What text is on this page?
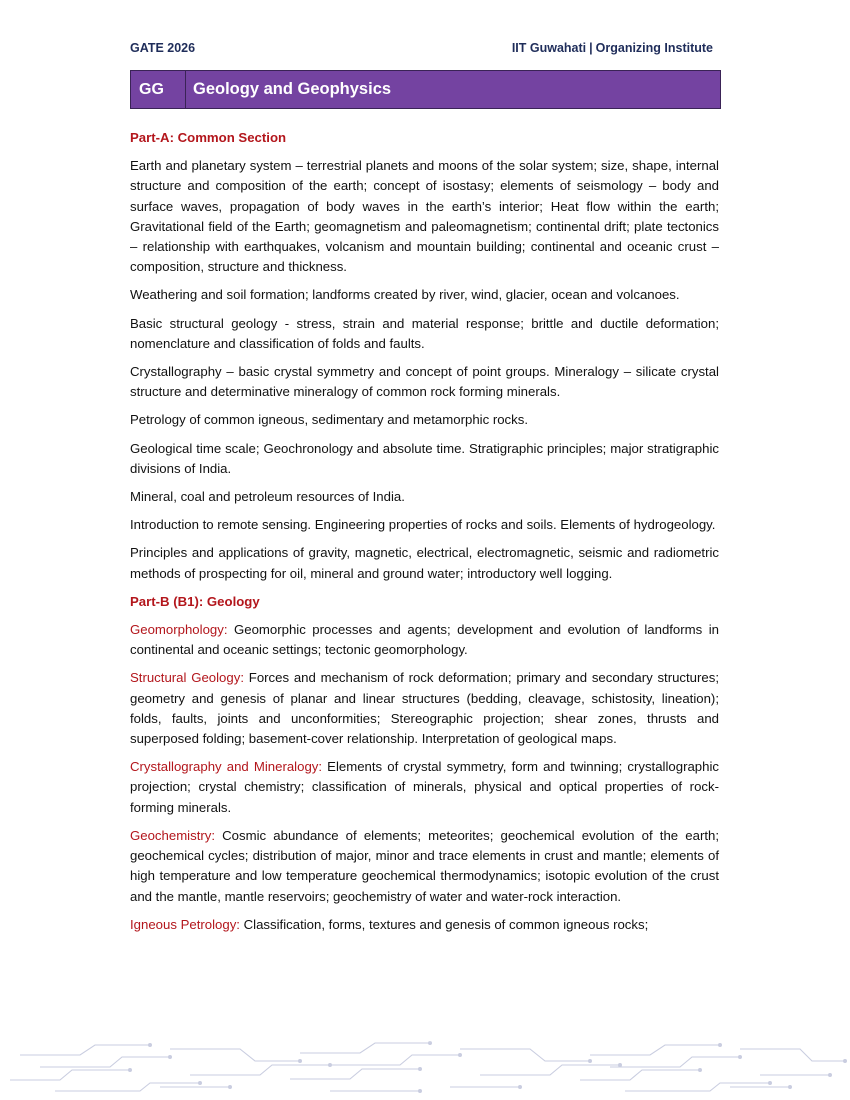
GATE 2026	IIT Guwahati | Organizing Institute
GG	Geology and Geophysics

Part-A: Common Section

Earth and planetary system – terrestrial planets and moons of the solar system; size, shape, internal structure and composition of the earth; concept of isostasy; elements of seismology – body and surface waves, propagation of body waves in the earth’s interior; Heat flow within the earth; Gravitational field of the Earth; geomagnetism and paleomagnetism; continental drift; plate tectonics – relationship with earthquakes, volcanism and mountain building; continental and oceanic crust – composition, structure and thickness.

Weathering and soil formation; landforms created by river, wind, glacier, ocean and volcanoes.

Basic structural geology - stress, strain and material response; brittle and ductile deformation; nomenclature and classification of folds and faults.

Crystallography – basic crystal symmetry and concept of point groups. Mineralogy – silicate crystal structure and determinative mineralogy of common rock forming minerals.

Petrology of common igneous, sedimentary and metamorphic rocks.

Geological time scale; Geochronology and absolute time. Stratigraphic principles; major stratigraphic divisions of India.

Mineral, coal and petroleum resources of India.

Introduction to remote sensing. Engineering properties of rocks and soils. Elements of hydrogeology.

Principles and applications of gravity, magnetic, electrical, electromagnetic, seismic and radiometric methods of prospecting for oil, mineral and ground water; introductory well logging.

Part-B (B1): Geology

Geomorphology: Geomorphic processes and agents; development and evolution of landforms in continental and oceanic settings; tectonic geomorphology.

Structural Geology: Forces and mechanism of rock deformation; primary and secondary structures; geometry and genesis of planar and linear structures (bedding, cleavage, schistosity, lineation); folds, faults, joints and unconformities; Stereographic projection; shear zones, thrusts and superposed folding; basement-cover relationship. Interpretation of geological maps.

Crystallography and Mineralogy: Elements of crystal symmetry, form and twinning; crystallographic projection; crystal chemistry; classification of minerals, physical and optical properties of rock- forming minerals.

Geochemistry: Cosmic abundance of elements; meteorites; geochemical evolution of the earth; geochemical cycles; distribution of major, minor and trace elements in crust and mantle; elements of high temperature and low temperature geochemical thermodynamics; isotopic evolution of the crust and the mantle, mantle reservoirs; geochemistry of water and water-rock interaction.

Igneous Petrology: Classification, forms, textures and genesis of common igneous rocks;
